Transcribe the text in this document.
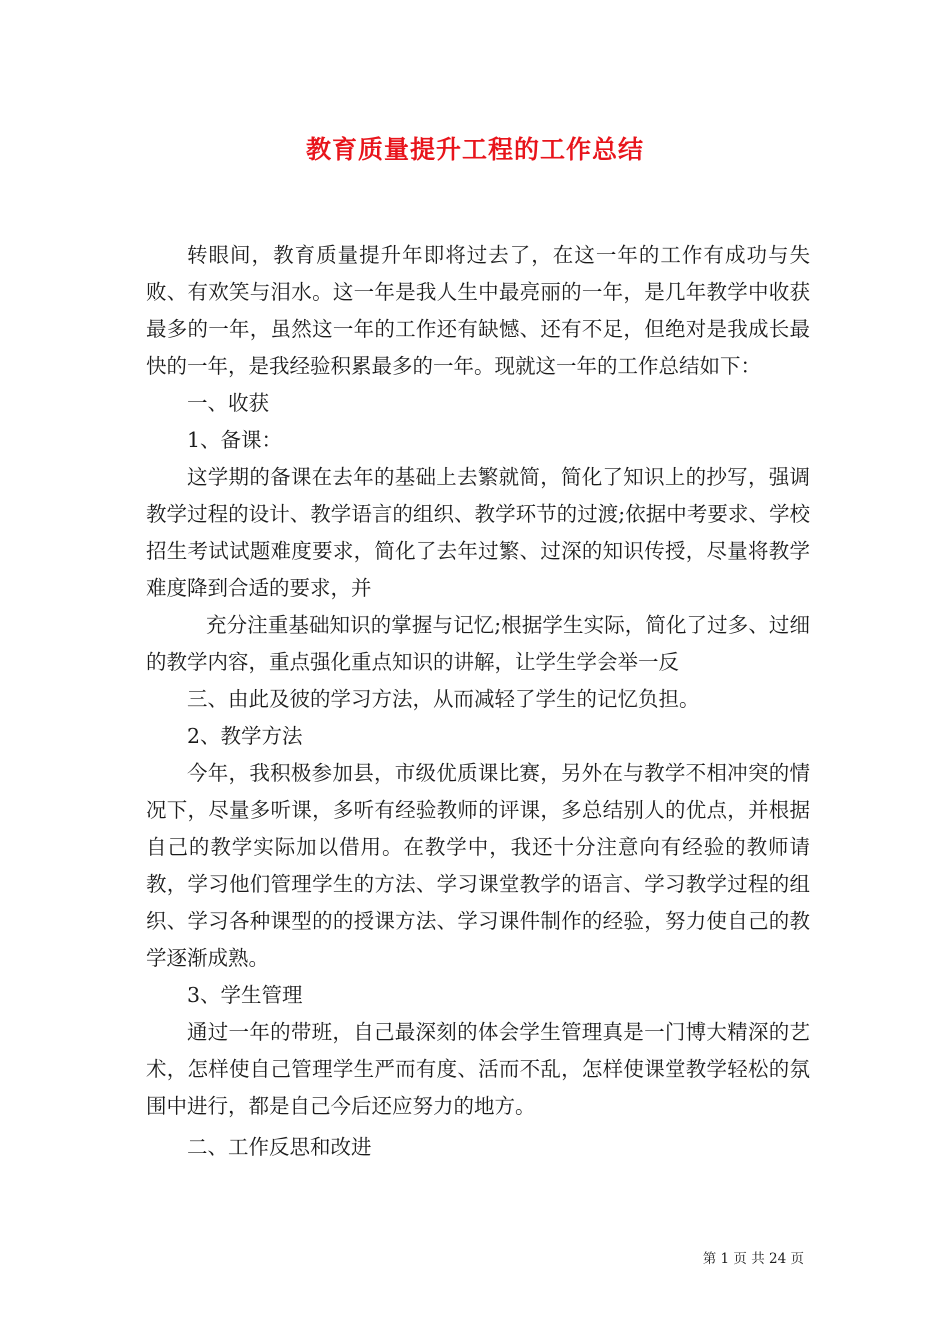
教育质量提升工程的工作总结

转眼间，教育质量提升年即将过去了，在这一年的工作有成功与失败、有欢笑与泪水。这一年是我人生中最亮丽的一年，是几年教学中收获最多的一年，虽然这一年的工作还有缺憾、还有不足，但绝对是我成长最快的一年，是我经验积累最多的一年。现就这一年的工作总结如下：

一、收获

1、备课：

这学期的备课在去年的基础上去繁就简，简化了知识上的抄写，强调教学过程的设计、教学语言的组织、教学环节的过渡;依据中考要求、学校招生考试试题难度要求，简化了去年过繁、过深的知识传授，尽量将教学难度降到合适的要求，并

充分注重基础知识的掌握与记忆;根据学生实际，简化了过多、过细的教学内容，重点强化重点知识的讲解，让学生学会举一反

三、由此及彼的学习方法，从而减轻了学生的记忆负担。

2、教学方法

今年，我积极参加县，市级优质课比赛，另外在与教学不相冲突的情况下，尽量多听课，多听有经验教师的评课，多总结别人的优点，并根据自己的教学实际加以借用。在教学中，我还十分注意向有经验的教师请教，学习他们管理学生的方法、学习课堂教学的语言、学习教学过程的组织、学习各种课型的的授课方法、学习课件制作的经验，努力使自己的教学逐渐成熟。

3、学生管理

通过一年的带班，自己最深刻的体会学生管理真是一门博大精深的艺术，怎样使自己管理学生严而有度、活而不乱，怎样使课堂教学轻松的氛围中进行，都是自己今后还应努力的地方。

二、工作反思和改进

第 1 页 共 24 页
